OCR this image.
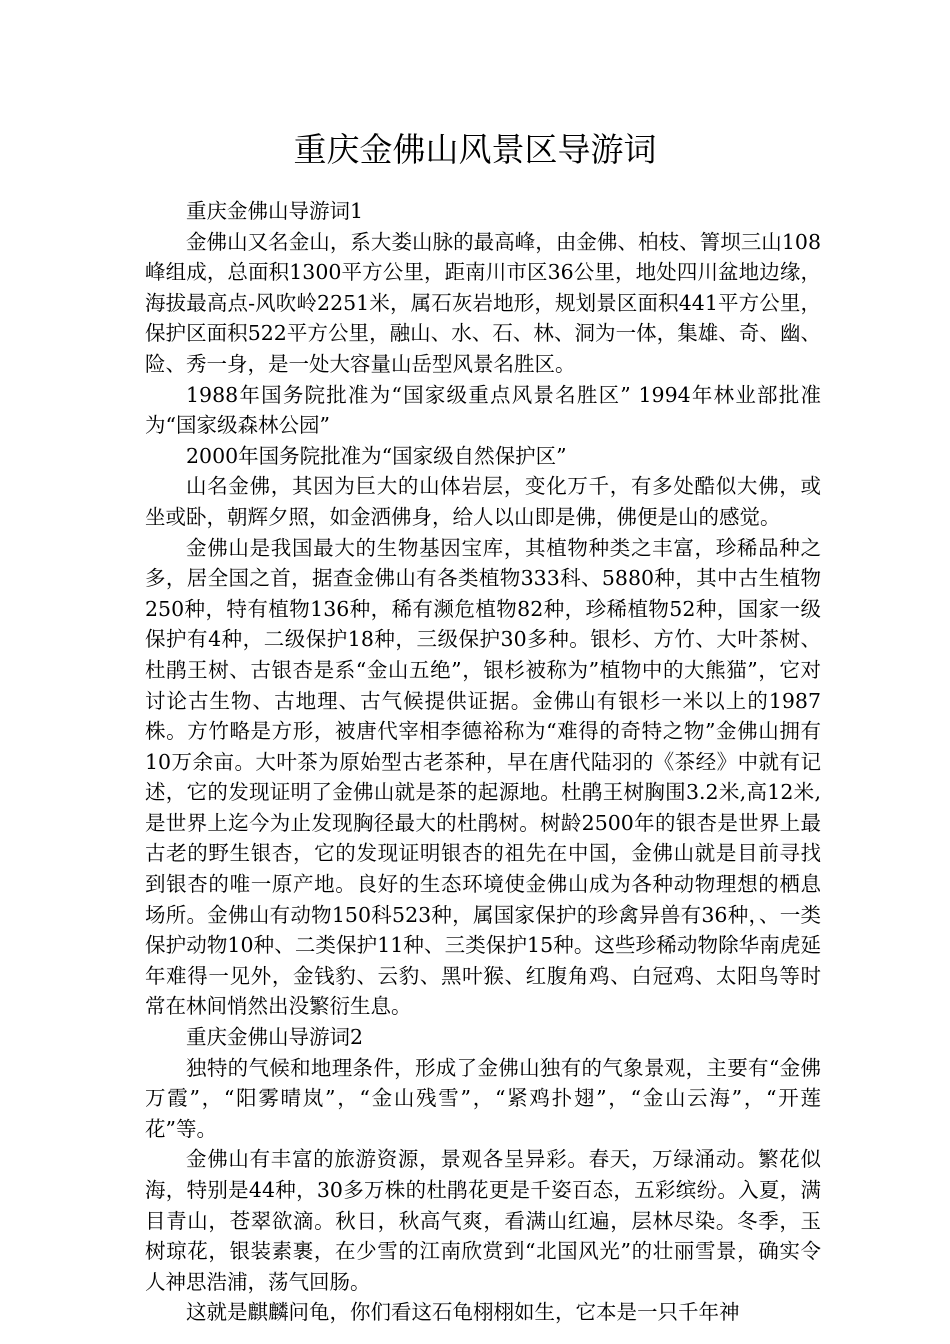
重庆金佛山风景区导游词

重庆金佛山导游词1

金佛山又名金山，系大娄山脉的最高峰，由金佛、柏枝、箐坝三山108峰组成，总面积1300平方公里，距南川市区36公里，地处四川盆地边缘，海拔最高点-风吹岭2251米，属石灰岩地形，规划景区面积441平方公里，保护区面积522平方公里，融山、水、石、林、洞为一体，集雄、奇、幽、险、秀一身，是一处大容量山岳型风景名胜区。

1988年国务院批准为“国家级重点风景名胜区” 1994年林业部批准为“国家级森林公园”

2000年国务院批准为“国家级自然保护区”

山名金佛，其因为巨大的山体岩层，变化万千，有多处酷似大佛，或坐或卧，朝辉夕照，如金洒佛身，给人以山即是佛，佛便是山的感觉。

金佛山是我国最大的生物基因宝库，其植物种类之丰富，珍稀品种之多，居全国之首，据查金佛山有各类植物333科、5880种，其中古生植物250种，特有植物136种，稀有濒危植物82种，珍稀植物52种，国家一级保护有4种，二级保护18种，三级保护30多种。银杉、方竹、大叶茶树、杜鹃王树、古银杏是系“金山五绝”，银杉被称为”植物中的大熊猫”，它对讨论古生物、古地理、古气候提供证据。金佛山有银杉一米以上的1987株。方竹略是方形，被唐代宰相李德裕称为“难得的奇特之物”金佛山拥有10万余亩。大叶茶为原始型古老茶种，早在唐代陆羽的《茶经》中就有记述，它的发现证明了金佛山就是茶的起源地。杜鹃王树胸围3.2米,高12米,是世界上迄今为止发现胸径最大的杜鹃树。树龄2500年的银杏是世界上最古老的野生银杏，它的发现证明银杏的祖先在中国，金佛山就是目前寻找到银杏的唯一原产地。良好的生态环境使金佛山成为各种动物理想的栖息场所。金佛山有动物150科523种，属国家保护的珍禽异兽有36种，、一类保护动物10种、二类保护11种、三类保护15种。这些珍稀动物除华南虎延年难得一见外，金钱豹、云豹、黑叶猴、红腹角鸡、白冠鸡、太阳鸟等时常在林间悄然出没繁衍生息。

重庆金佛山导游词2

独特的气候和地理条件，形成了金佛山独有的气象景观，主要有“金佛万霞”，“阳雾晴岚”，“金山残雪”，“紧鸡扑翅”，“金山云海”，“开莲花”等。

金佛山有丰富的旅游资源，景观各呈异彩。春天，万绿涌动。繁花似海，特别是44种，30多万株的杜鹃花更是千姿百态，五彩缤纷。入夏，满目青山，苍翠欲滴。秋日，秋高气爽，看满山红遍，层林尽染。冬季，玉树琼花，银装素裹，在少雪的江南欣赏到“北国风光”的壮丽雪景，确实令人神思浩浦，荡气回肠。

这就是麒麟问龟，你们看这石龟栩栩如生，它本是一只千年神
